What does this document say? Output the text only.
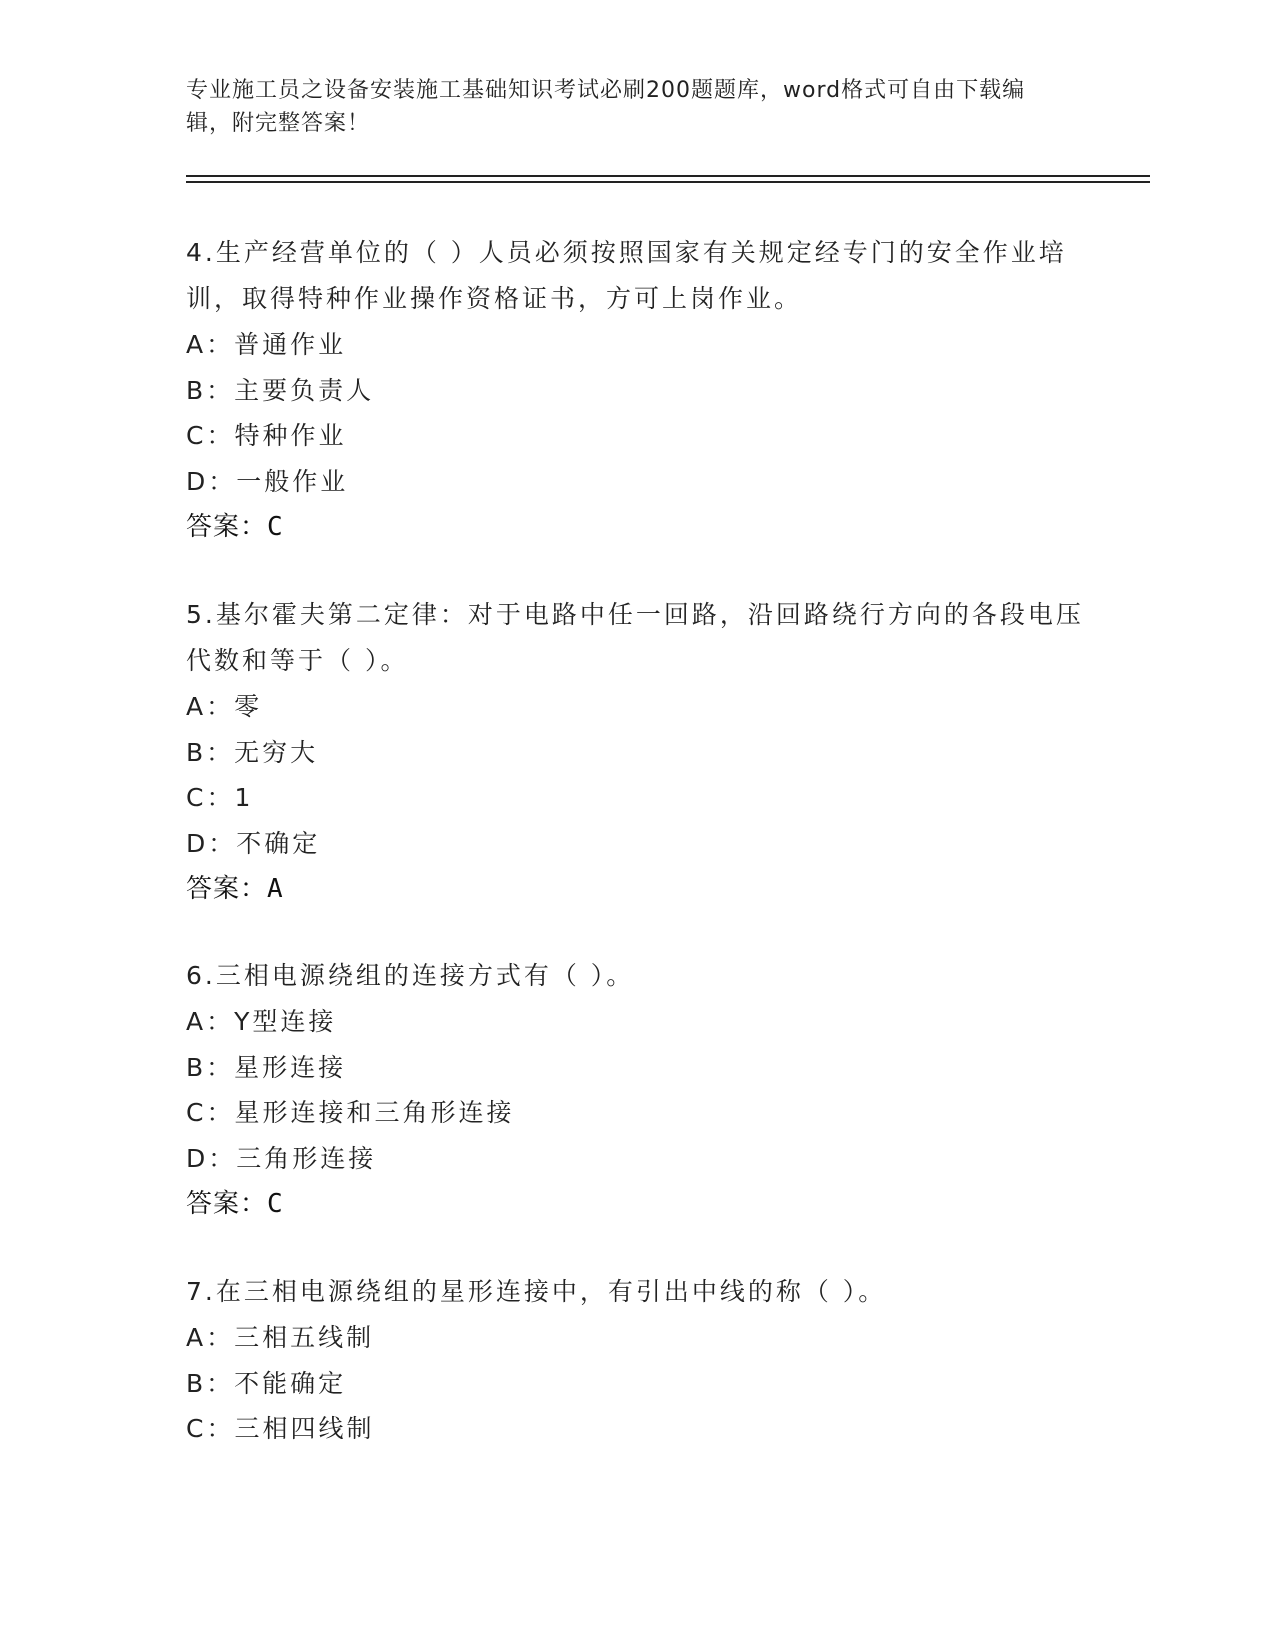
专业施工员之设备安装施工基础知识考试必刷200题题库，word格式可自由下载编辑，附完整答案！

4.生产经营单位的（ ）人员必须按照国家有关规定经专门的安全作业培训，取得特种作业操作资格证书，方可上岗作业。

A：普通作业

B：主要负责人

C：特种作业

D：一般作业

答案：C

5.基尔霍夫第二定律：对于电路中任一回路，沿回路绕行方向的各段电压代数和等于（ ）。

A：零

B：无穷大

C：1

D：不确定

答案：A

6.三相电源绕组的连接方式有（ ）。

A：Y型连接

B：星形连接

C：星形连接和三角形连接

D：三角形连接

答案：C

7.在三相电源绕组的星形连接中，有引出中线的称（ ）。

A：三相五线制

B：不能确定

C：三相四线制
